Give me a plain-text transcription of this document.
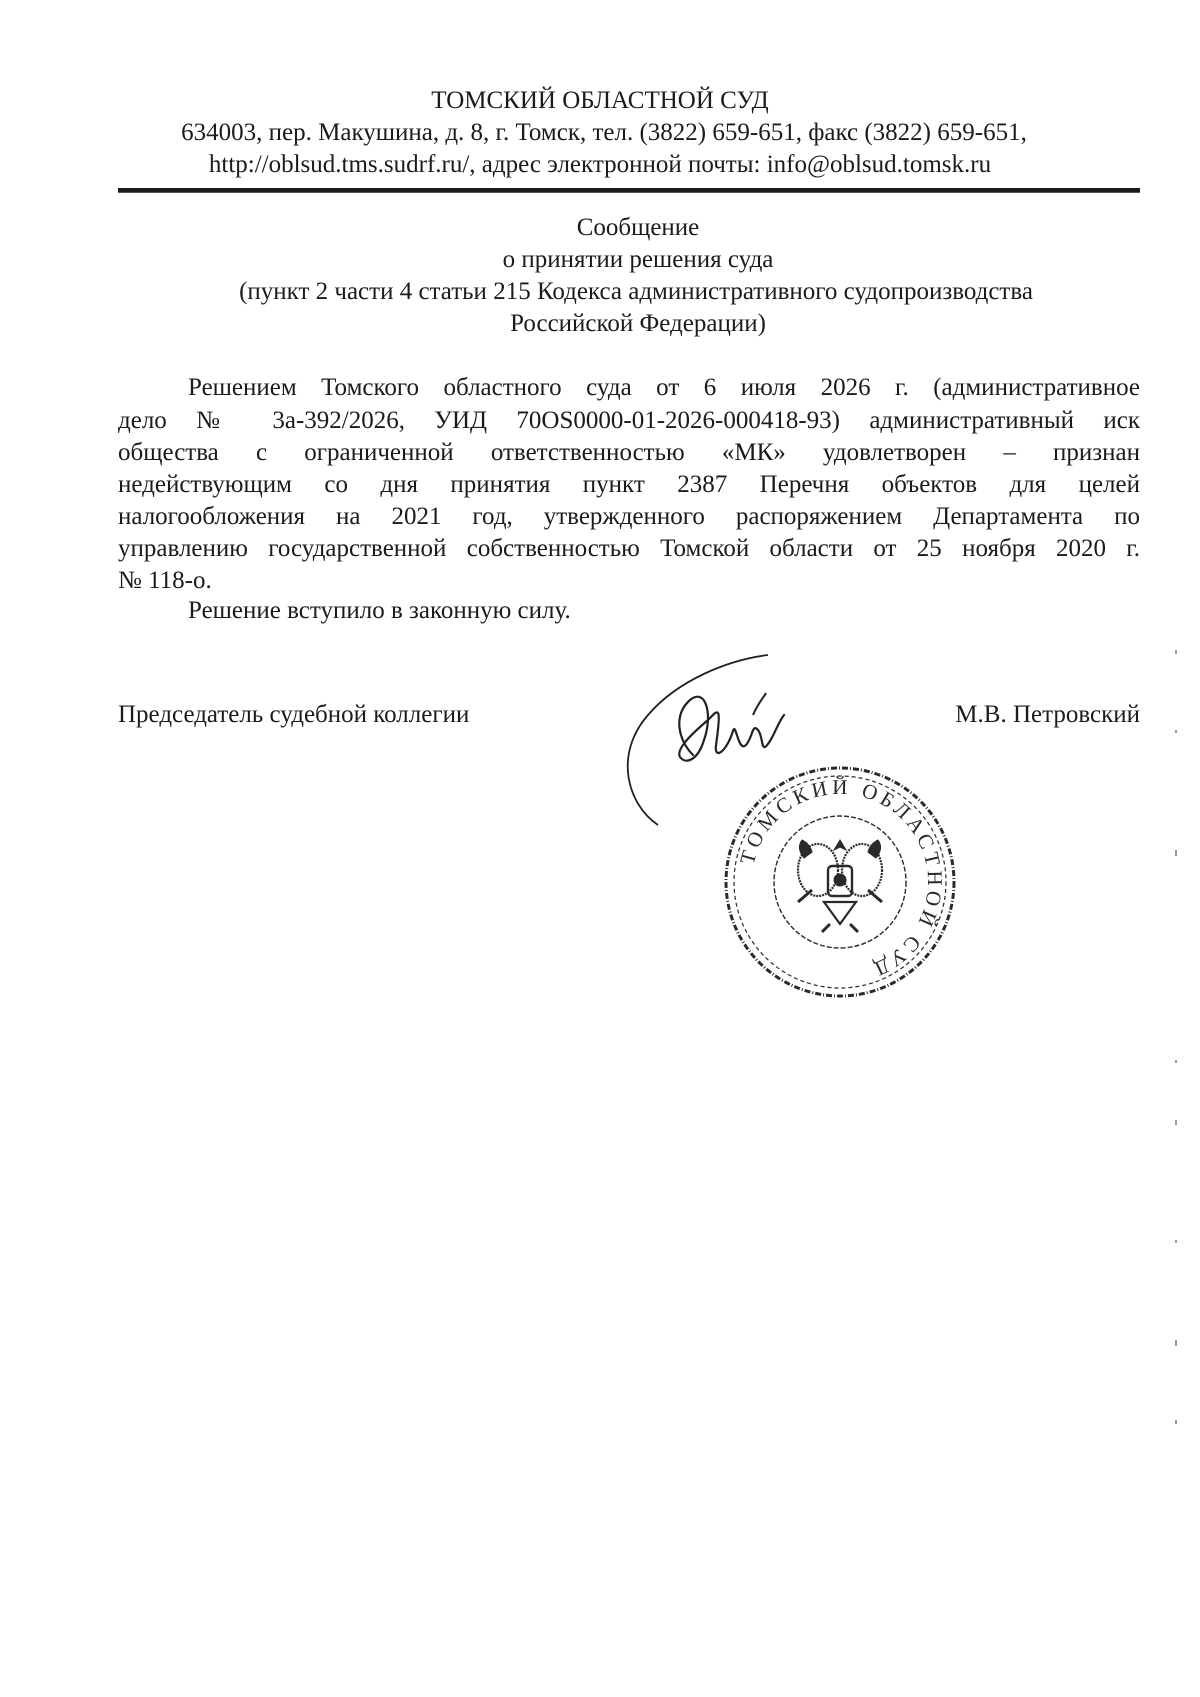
ТОМСКИЙ ОБЛАСТНОЙ СУД
634003, пер. Макушина, д. 8, г. Томск, тел. (3822) 659-651, факс (3822) 659-651,
http://oblsud.tms.sudrf.ru/, адрес электронной почты: info@oblsud.tomsk.ru
Сообщение
о принятии решения суда
(пункт 2 части 4 статьи 215 Кодекса административного судопроизводства
Российской Федерации)
Решением Томского областного суда от 6 июля 2026 г. (административное
дело № 3а-392/2026, УИД 70OS0000-01-2026-000418-93) административный иск
общества с ограниченной ответственностью «МК» удовлетворен – признан
недействующим со дня принятия пункт 2387 Перечня объектов для целей
налогообложения на 2021 год, утвержденного распоряжением Департамента по
управлению государственной собственностью Томской области от 25 ноября 2020 г.
№ 118-о.
Решение вступило в законную силу.
Председатель судебной коллегии	М.В. Петровский
ТОМСКИЙ ОБЛАСТНОЙ СУД
